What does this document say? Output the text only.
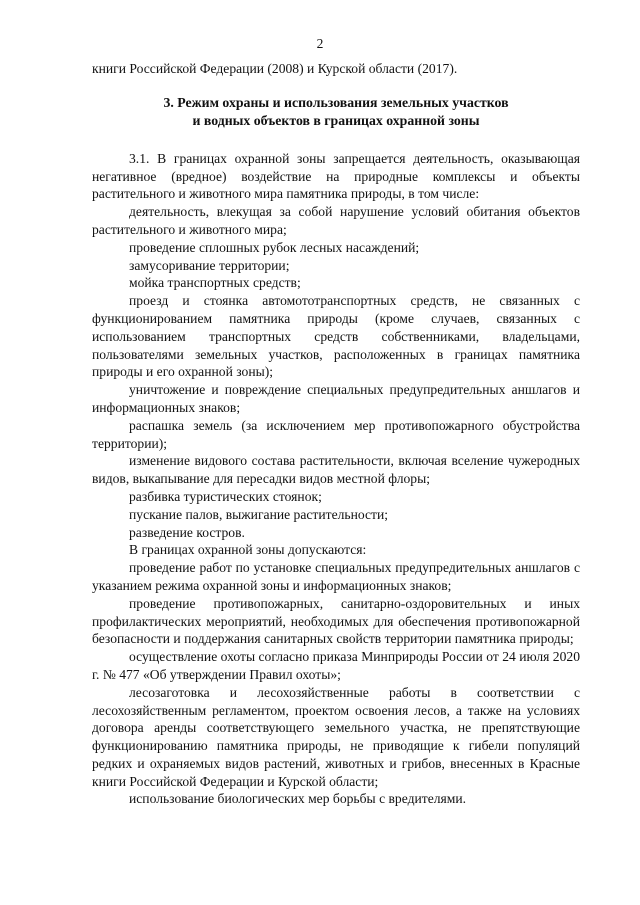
2

книги Российской Федерации (2008) и Курской области (2017).

3. Режим охраны и использования земельных участков
и водных объектов в границах охранной зоны

3.1. В границах охранной зоны запрещается деятельность, оказывающая негативное (вредное) воздействие на природные комплексы и объекты растительного и животного мира памятника природы, в том числе:

деятельность, влекущая за собой нарушение условий обитания объектов растительного и животного мира;

проведение сплошных рубок лесных насаждений;

замусоривание территории;

мойка транспортных средств;

проезд и стоянка автомототранспортных средств, не связанных с функционированием памятника природы (кроме случаев, связанных с использованием транспортных средств собственниками, владельцами, пользователями земельных участков, расположенных в границах памятника природы и его охранной зоны);

уничтожение и повреждение специальных предупредительных аншлагов и информационных знаков;

распашка земель (за исключением мер противопожарного обустройства территории);

изменение видового состава растительности, включая вселение чужеродных видов, выкапывание для пересадки видов местной флоры;

разбивка туристических стоянок;

пускание палов, выжигание растительности;

разведение костров.

В границах охранной зоны допускаются:

проведение работ по установке специальных предупредительных аншлагов с указанием режима охранной зоны и информационных знаков;

проведение противопожарных, санитарно-оздоровительных и иных профилактических мероприятий, необходимых для обеспечения противопожарной безопасности и поддержания санитарных свойств территории памятника природы;

осуществление охоты согласно приказа Минприроды России от 24 июля 2020 г. № 477 «Об утверждении Правил охоты»;

лесозаготовка и лесохозяйственные работы в соответствии с лесохозяйственным регламентом, проектом освоения лесов, а также на условиях договора аренды соответствующего земельного участка, не препятствующие функционированию памятника природы, не приводящие к гибели популяций редких и охраняемых видов растений, животных и грибов, внесенных в Красные книги Российской Федерации и Курской области;

использование биологических мер борьбы с вредителями.
